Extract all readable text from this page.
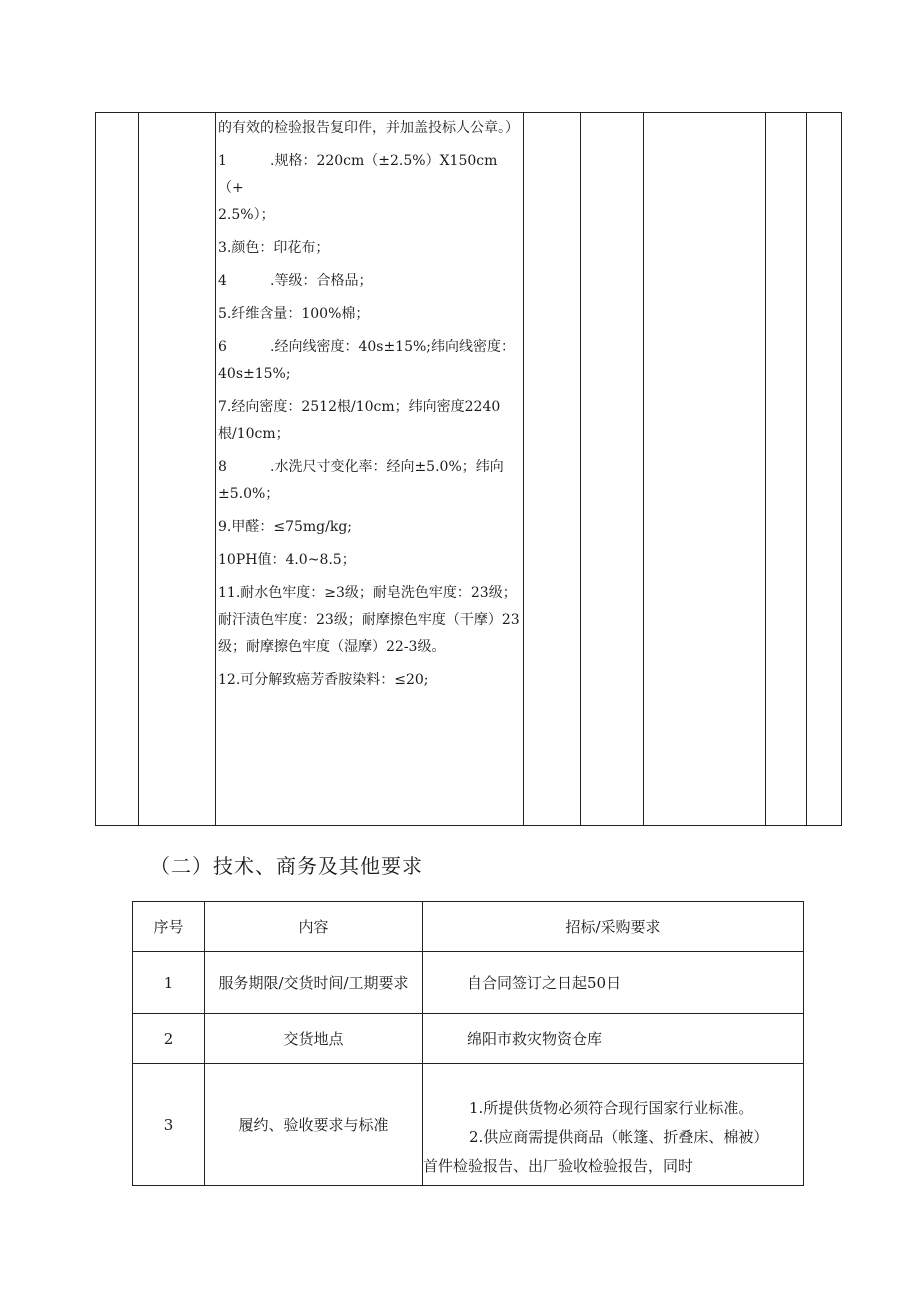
的有效的检验报告复印件，并加盖投标人公章。）

1	.规格：220cm（±2.5%）X150cm（+
2.5%）；

3.颜色：印花布；

4	.等级：合格品；

5.纤维含量：100%棉；

6	.经向线密度：40s±15%;纬向线密度：40s±15%;

7.经向密度：2512根/10cm；纬向密度2240根/10cm；

8	.水洗尺寸变化率：经向±5.0%；纬向±5.0%；

9.甲醛：≤75mg/kg;

10PH值：4.0~8.5；

11.耐水色牢度：≥3级；耐皂洗色牢度：23级；耐汗渍色牢度：23级；耐摩擦色牢度（干摩）23级；耐摩擦色牢度（湿摩）22-3级。

12.可分解致癌芳香胺染料：≤20;

（二）技术、商务及其他要求
序号	内容	招标/采购要求
1	服务期限/交货时间/工期要求	自合同签订之日起50日
2	交货地点	绵阳市救灾物资仓库
3	履约、验收要求与标准	1.所提供货物必须符合现行国家行业标准。
2.供应商需提供商品（帐篷、折叠床、棉被）
首件检验报告、出厂验收检验报告，同时
